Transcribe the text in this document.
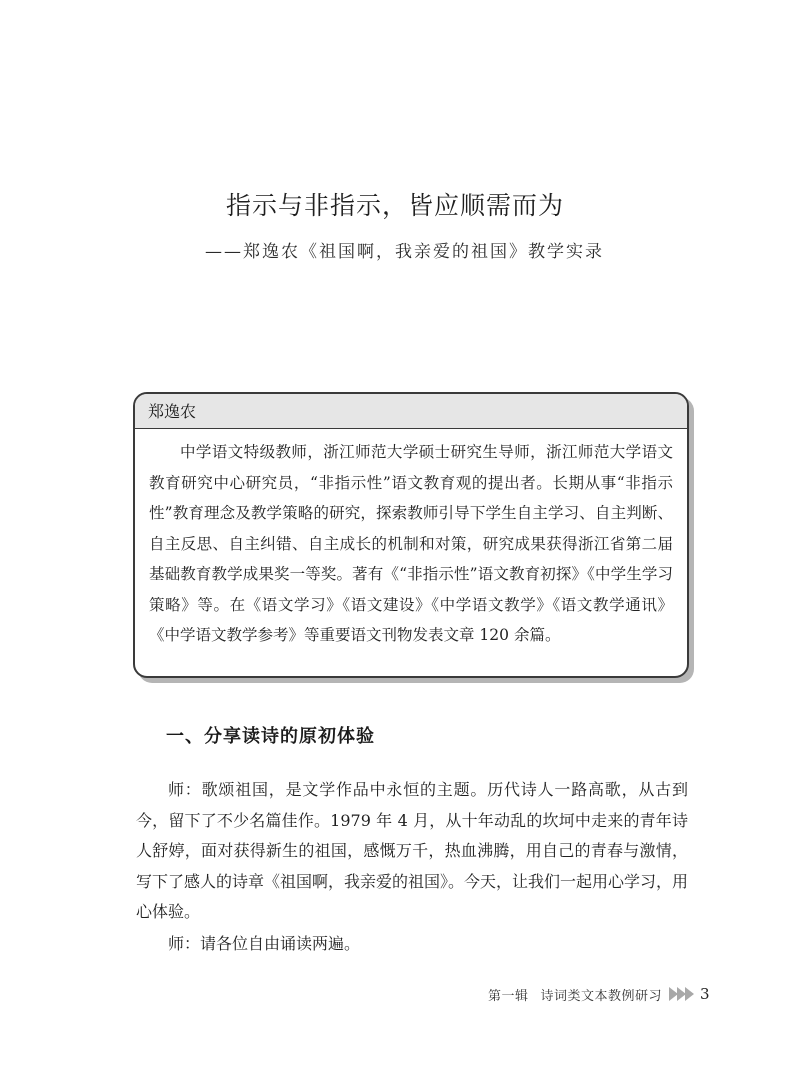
指示与非指示，皆应顺需而为

——郑逸农《祖国啊，我亲爱的祖国》教学实录

郑逸农

中学语文特级教师，浙江师范大学硕士研究生导师，浙江师范大学语文教育研究中心研究员，“非指示性”语文教育观的提出者。长期从事“非指示性”教育理念及教学策略的研究，探索教师引导下学生自主学习、自主判断、自主反思、自主纠错、自主成长的机制和对策，研究成果获得浙江省第二届基础教育教学成果奖一等奖。著有《“非指示性”语文教育初探》《中学生学习策略》等。在《语文学习》《语文建设》《中学语文教学》《语文教学通讯》《中学语文教学参考》等重要语文刊物发表文章 120 余篇。

一、分享读诗的原初体验

师：歌颂祖国，是文学作品中永恒的主题。历代诗人一路高歌，从古到今，留下了不少名篇佳作。1979 年 4 月，从十年动乱的坎坷中走来的青年诗人舒婷，面对获得新生的祖国，感慨万千，热血沸腾，用自己的青春与激情，写下了感人的诗章《祖国啊，我亲爱的祖国》。今天，让我们一起用心学习，用心体验。

师：请各位自由诵读两遍。

第一辑 诗词类文本教例研习	3
